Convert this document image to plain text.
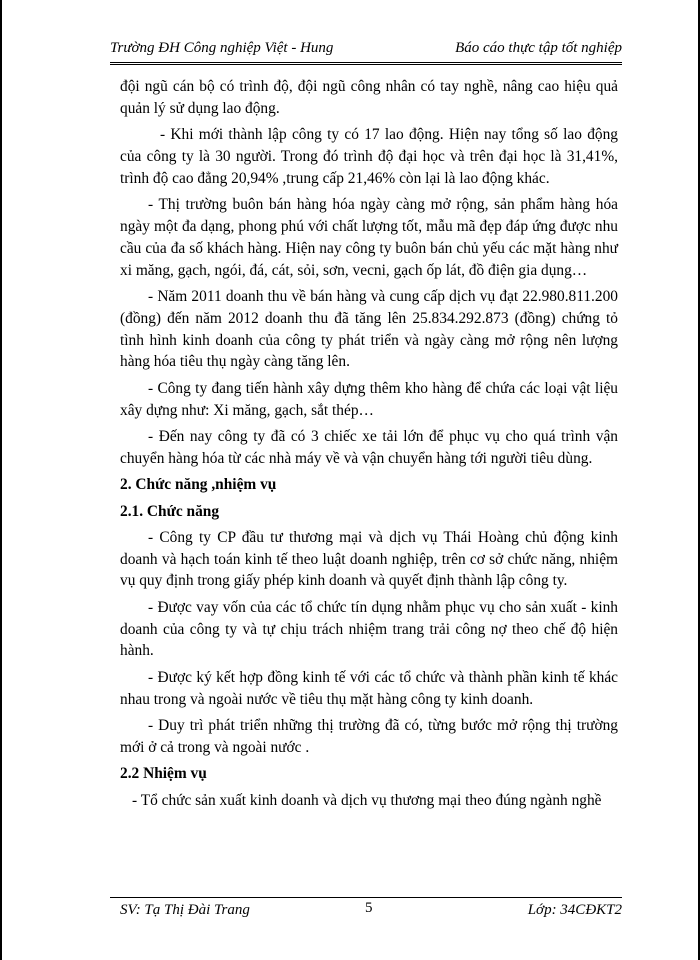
Trường ĐH Công nghiệp Việt - Hung	Báo cáo thực tập tốt nghiệp

đội ngũ cán bộ có trình độ, đội ngũ công nhân có tay nghề, nâng cao hiệu quả quản lý sử dụng lao động.

- Khi mới thành lập công ty có 17 lao động. Hiện nay tổng số lao động của công ty là 30 người. Trong đó trình độ đại học và trên đại học là 31,41%, trình độ cao đẳng 20,94% ,trung cấp 21,46% còn lại là lao động khác.

- Thị trường buôn bán hàng hóa ngày càng mở rộng, sản phẩm hàng hóa ngày một đa dạng, phong phú với chất lượng tốt, mẫu mã đẹp đáp ứng được nhu cầu của đa số khách hàng. Hiện nay công ty buôn bán chủ yếu các mặt hàng như xi măng, gạch, ngói, đá, cát, sỏi, sơn, vecni, gạch ốp lát, đồ điện gia dụng…

- Năm 2011 doanh thu về bán hàng và cung cấp dịch vụ đạt 22.980.811.200 (đồng) đến năm 2012 doanh thu đã tăng lên 25.834.292.873 (đồng) chứng tỏ tình hình kinh doanh của công ty phát triển và ngày càng mở rộng nên lượng hàng hóa tiêu thụ ngày càng tăng lên.

- Công ty đang tiến hành xây dựng thêm kho hàng để chứa các loại vật liệu xây dựng như: Xi măng, gạch, sắt thép…

- Đến nay công ty đã có 3 chiếc xe tải lớn để phục vụ cho quá trình vận chuyển hàng hóa từ các nhà máy về và vận chuyển hàng tới người tiêu dùng.

2. Chức năng ,nhiệm vụ
2.1. Chức năng

- Công ty CP đầu tư thương mại và dịch vụ Thái Hoàng chủ động kinh doanh và hạch toán kinh tế theo luật doanh nghiệp, trên cơ sở chức năng, nhiệm vụ quy định trong giấy phép kinh doanh và quyết định thành lập công ty.

- Được vay vốn của các tổ chức tín dụng nhằm phục vụ cho sản xuất - kinh doanh của công ty và tự chịu trách nhiệm trang trải công nợ theo chế độ hiện hành.

- Được ký kết hợp đồng kinh tế với các tổ chức và thành phần kinh tế khác nhau trong và ngoài nước về tiêu thụ mặt hàng công ty kinh doanh.

- Duy trì phát triển những thị trường đã có, từng bước mở rộng thị trường mới ở cả trong và ngoài nước .

2.2 Nhiệm vụ

- Tổ chức sản xuất kinh doanh và dịch vụ thương mại theo đúng ngành nghề

SV: Tạ Thị Đài Trang	5	Lớp: 34CĐKT2
